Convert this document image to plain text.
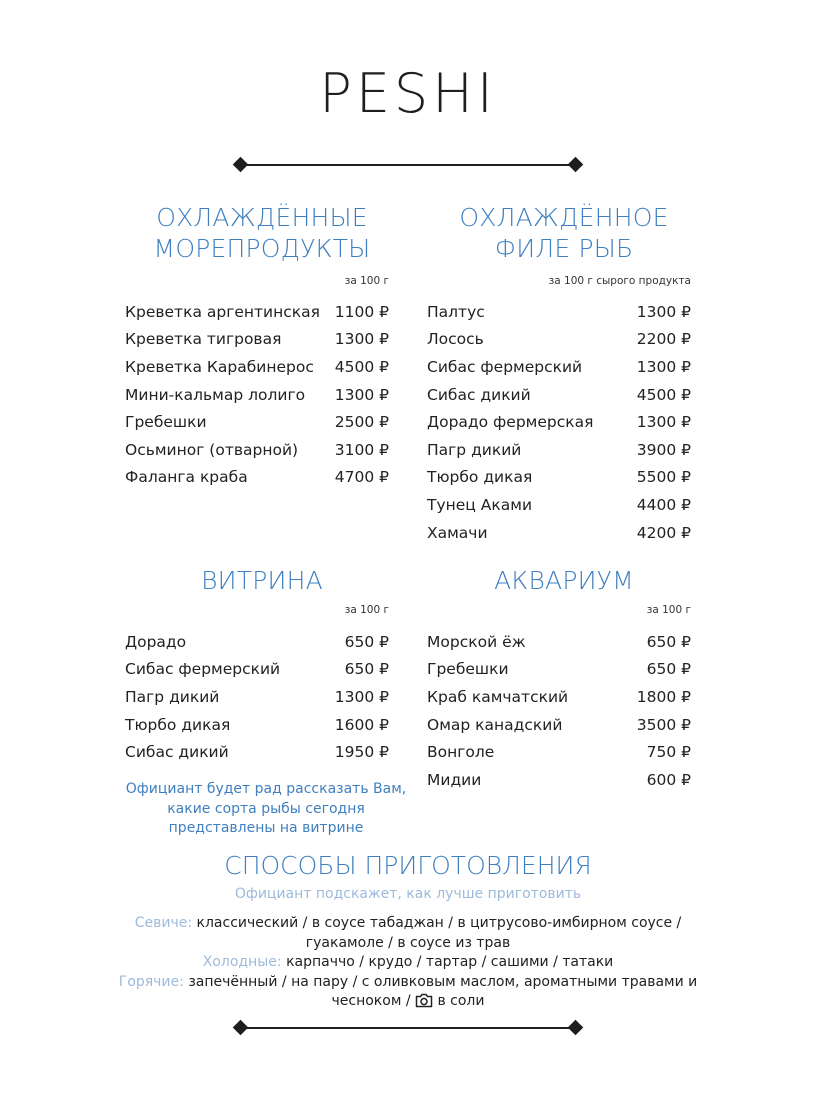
PESHI
ОХЛАЖДЁННЫЕ МОРЕПРОДУКТЫ
за 100 г
Креветка аргентинская 1100 ₽
Креветка тигровая	1300 ₽
Креветка Карабинерос 4500 ₽
Мини-кальмар лолиго 1300 ₽
Гребешки	2500 ₽
Осьминог (отварной) 3100 ₽
Фаланга краба	4700 ₽
ОХЛАЖДЁННОЕ ФИЛЕ РЫБ
за 100 г сырого продукта
Палтус	1300 ₽
Лосось	2200 ₽
Сибас фермерский	1300 ₽
Сибас дикий	4500 ₽
Дорадо фермерская	1300 ₽
Пагр дикий	3900 ₽
Тюрбо дикая	5500 ₽
Тунец Аками	4400 ₽
Хамачи	4200 ₽
ВИТРИНА
за 100 г
Дорадо	650 ₽
Сибас фермерский	650 ₽
Пагр дикий	1300 ₽
Тюрбо дикая	1600 ₽
Сибас дикий	1950 ₽
Официант будет рад рассказать Вам, какие сорта рыбы сегодня представлены на витрине
АКВАРИУМ
за 100 г
Морской ёж	650 ₽
Гребешки	650 ₽
Краб камчатский	1800 ₽
Омар канадский	3500 ₽
Вонголе	750 ₽
Мидии	600 ₽
СПОСОБЫ ПРИГОТОВЛЕНИЯ
Официант подскажет, как лучше приготовить
Севиче: классический / в соусе табаджан / в цитрусово-имбирном соусе / гуакамоле / в соусе из трав
Холодные: карпаччо / крудо / тартар / сашими / татаки
Горячие: запечённый / на пару / с оливковым маслом, ароматными травами и чесноком / в соли
